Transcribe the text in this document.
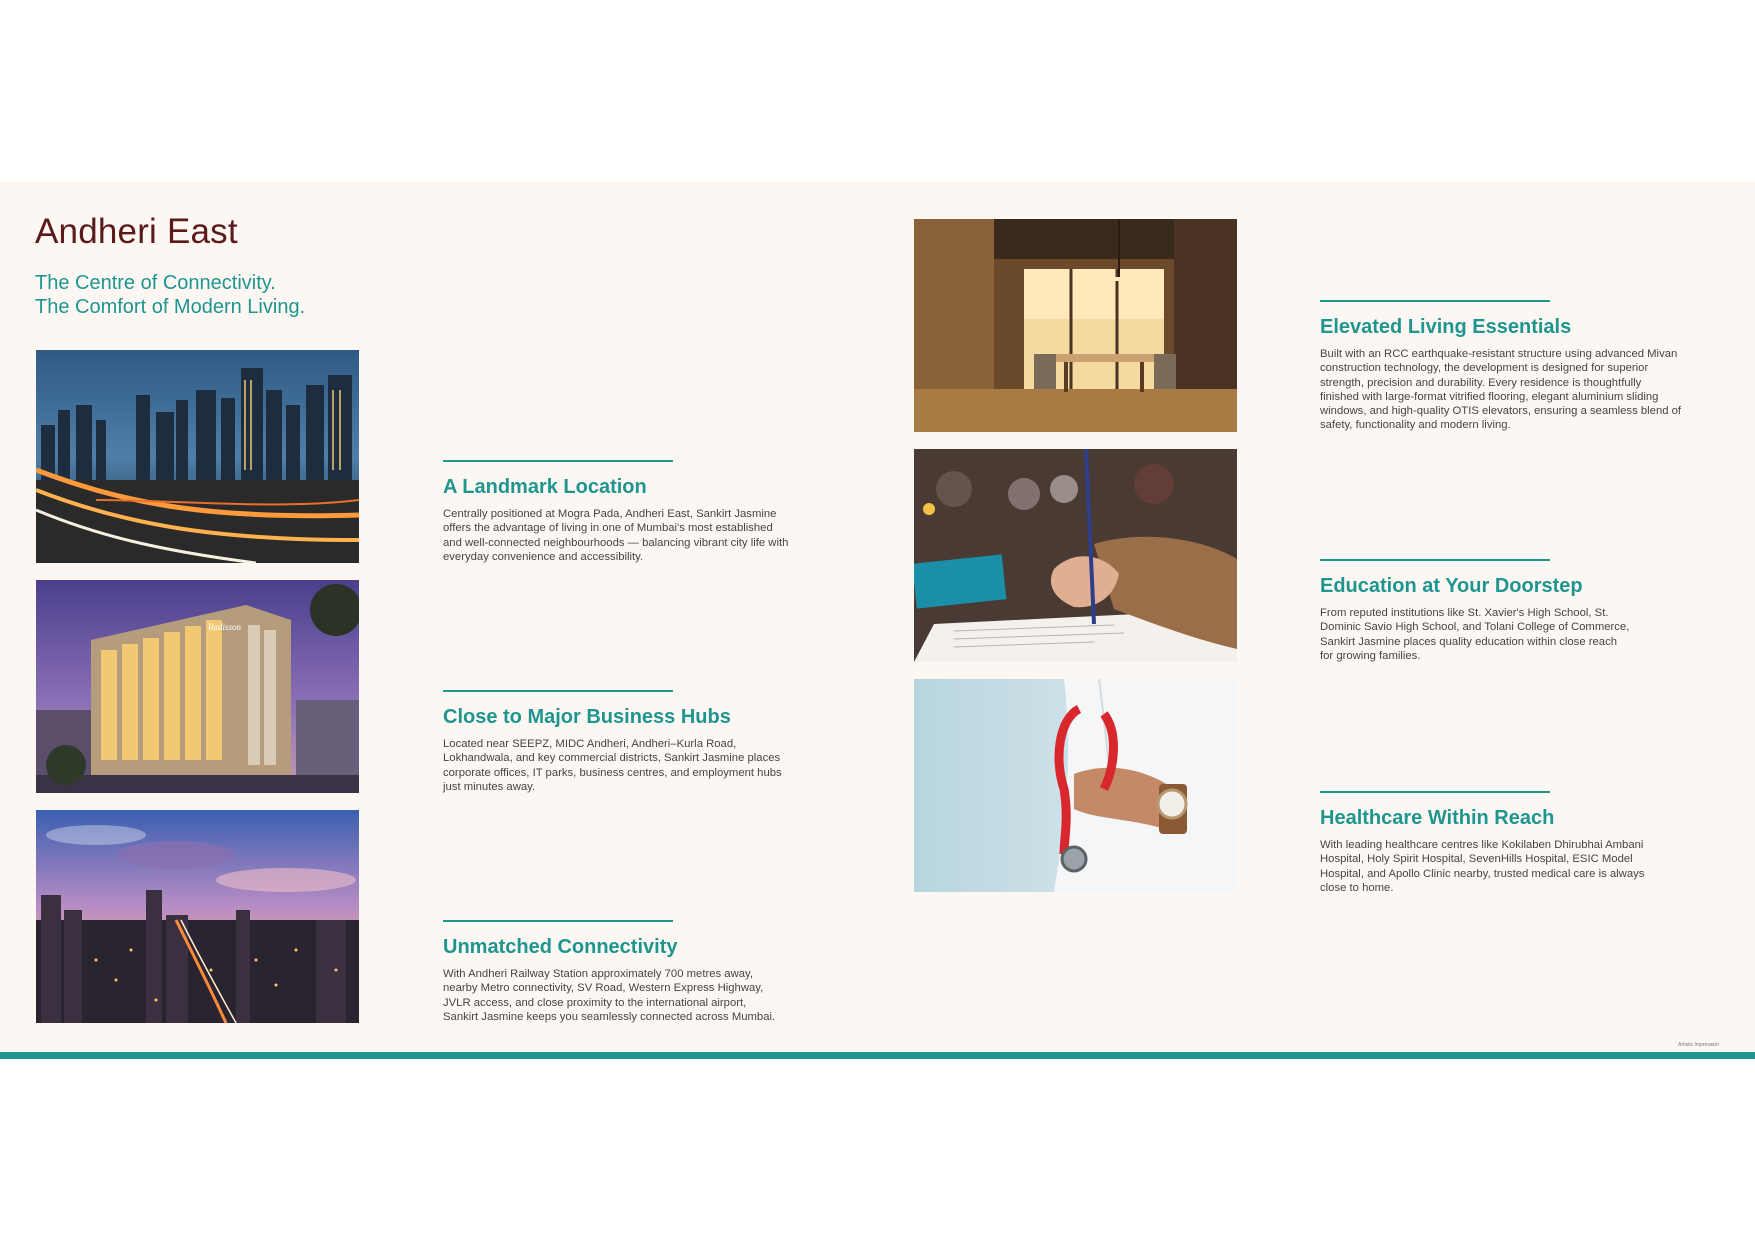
Andheri East
The Centre of Connectivity.
The Comfort of Modern Living.
Radisson
A Landmark Location

Centrally positioned at Mogra Pada, Andheri East, Sankirt Jasmine
offers the advantage of living in one of Mumbai's most established
and well-connected neighbourhoods — balancing vibrant city life with
everyday convenience and accessibility.

Close to Major Business Hubs

Located near SEEPZ, MIDC Andheri, Andheri–Kurla Road,
Lokhandwala, and key commercial districts, Sankirt Jasmine places
corporate offices, IT parks, business centres, and employment hubs
just minutes away.

Unmatched Connectivity

With Andheri Railway Station approximately 700 metres away,
nearby Metro connectivity, SV Road, Western Express Highway,
JVLR access, and close proximity to the international airport,
Sankirt Jasmine keeps you seamlessly connected across Mumbai.

Elevated Living Essentials

Built with an RCC earthquake-resistant structure using advanced Mivan
construction technology, the development is designed for superior
strength, precision and durability. Every residence is thoughtfully
finished with large-format vitrified flooring, elegant aluminium sliding
windows, and high-quality OTIS elevators, ensuring a seamless blend of
safety, functionality and modern living.

Education at Your Doorstep

From reputed institutions like St. Xavier's High School, St.
Dominic Savio High School, and Tolani College of Commerce,
Sankirt Jasmine places quality education within close reach
for growing families.

Healthcare Within Reach

With leading healthcare centres like Kokilaben Dhirubhai Ambani
Hospital, Holy Spirit Hospital, SevenHills Hospital, ESIC Model
Hospital, and Apollo Clinic nearby, trusted medical care is always
close to home.

Artistic Impression
